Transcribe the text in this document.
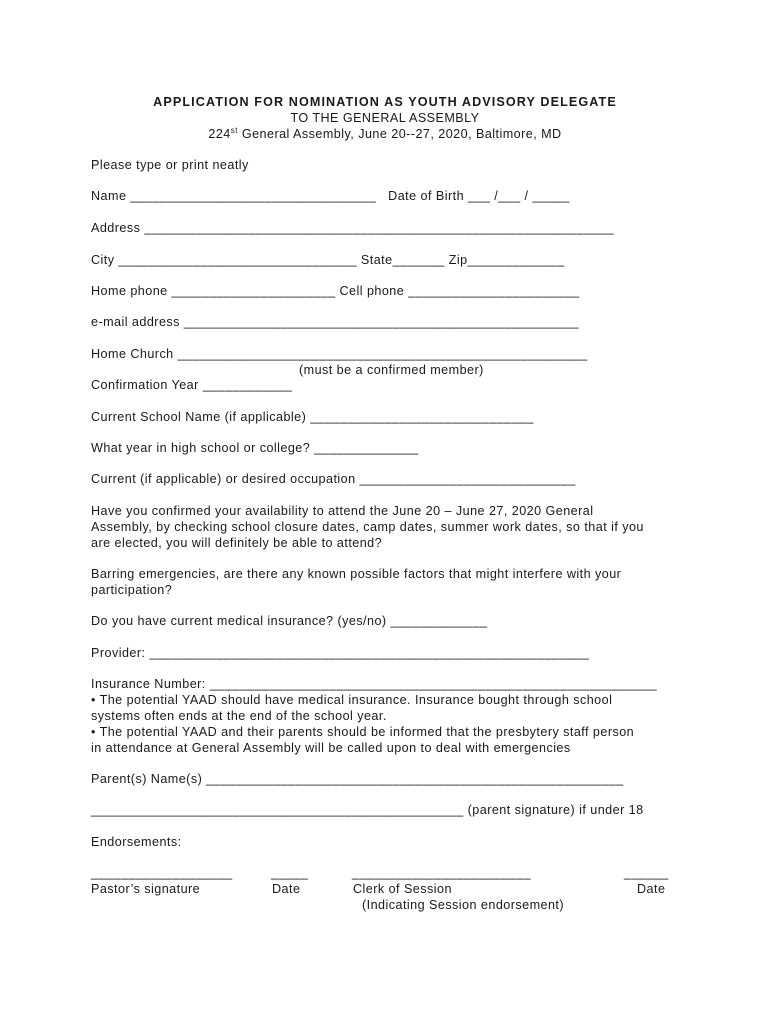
APPLICATION FOR NOMINATION AS YOUTH ADVISORY DELEGATE
TO THE GENERAL ASSEMBLY
224st General Assembly, June 20--27, 2020, Baltimore, MD
Please type or print neatly
Name _________________________________   Date of Birth ___ /___ / _____
Address _______________________________________________________________
City ________________________________ State_______ Zip_____________
Home phone ______________________ Cell phone _______________________
e-mail address _____________________________________________________
Home Church _______________________________________________________
(must be a confirmed member)
Confirmation Year ____________
Current School Name (if applicable) ______________________________
What year in high school or college? ______________
Current (if applicable) or desired occupation _____________________________
Have you confirmed your availability to attend the June 20 – June 27, 2020 General
Assembly, by checking school closure dates, camp dates, summer work dates, so that if you
are elected, you will definitely be able to attend?
Barring emergencies, are there any known possible factors that might interfere with your
participation?
Do you have current medical insurance? (yes/no) _____________
Provider: ___________________________________________________________
Insurance Number: ____________________________________________________________
• The potential YAAD should have medical insurance. Insurance bought through school
systems often ends at the end of the school year.
• The potential YAAD and their parents should be informed that the presbytery staff person
in attendance at General Assembly will be called upon to deal with emergencies
Parent(s) Name(s) ________________________________________________________
__________________________________________________ (parent signature) if under 18
Endorsements:
___________________	_____	________________________	______
Pastor’s signature	Date	Clerk of Session	Date
(Indicating Session endorsement)
